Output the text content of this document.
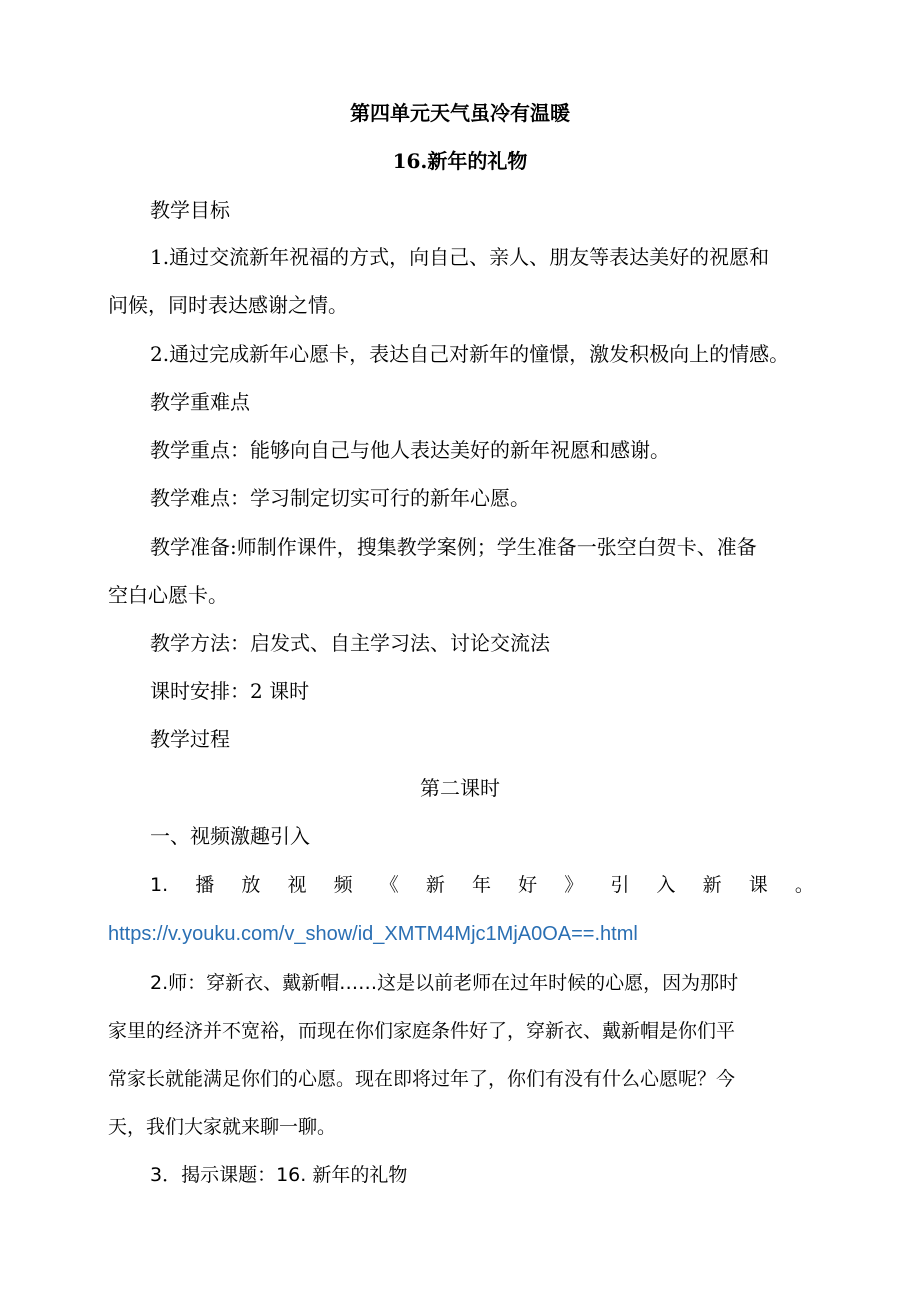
第四单元天气虽冷有温暖
16.新年的礼物
教学目标
1.通过交流新年祝福的方式，向自己、亲人、朋友等表达美好的祝愿和
问候，同时表达感谢之情。
2.通过完成新年心愿卡，表达自己对新年的憧憬，激发积极向上的情感。
教学重难点
教学重点：能够向自己与他人表达美好的新年祝愿和感谢。
教学难点：学习制定切实可行的新年心愿。
教学准备:师制作课件，搜集教学案例；学生准备一张空白贺卡、准备
空白心愿卡。
教学方法：启发式、自主学习法、讨论交流法
课时安排：2 课时
教学过程
第二课时
一、视频激趣引入
1. 播 放 视 频 《 新 年 好 》 引 入 新 课 。
https://v.youku.com/v_show/id_XMTM4Mjc1MjA0OA==.html
2.师：穿新衣、戴新帽……这是以前老师在过年时候的心愿，因为那时
家里的经济并不宽裕，而现在你们家庭条件好了，穿新衣、戴新帽是你们平
常家长就能满足你们的心愿。现在即将过年了，你们有没有什么心愿呢？今
天，我们大家就来聊一聊。
3．揭示课题：16. 新年的礼物
